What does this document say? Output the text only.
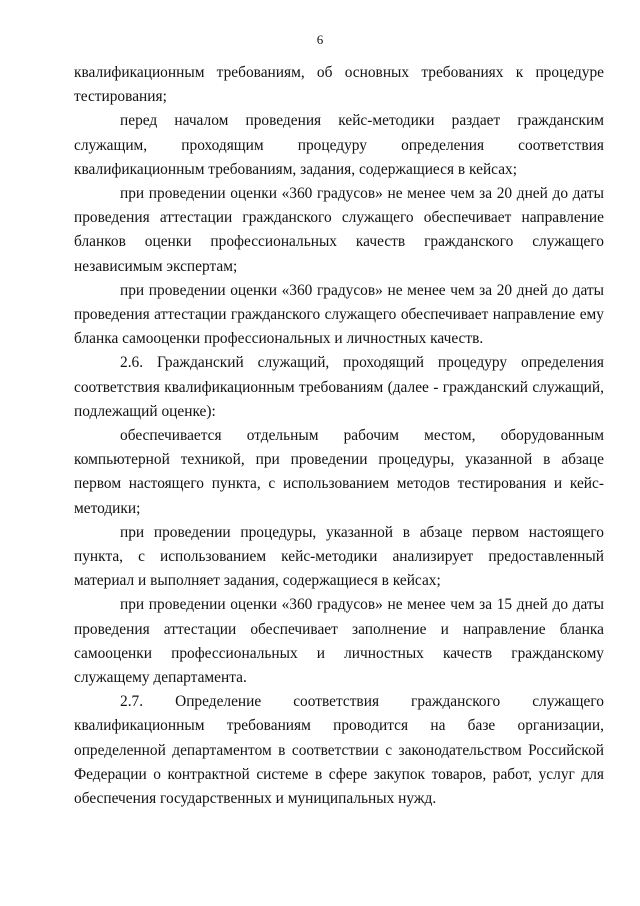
6

квалификационным требованиям, об основных требованиях к процедуре тестирования;

перед началом проведения кейс-методики раздает гражданским служащим, проходящим процедуру определения соответствия квалификационным требованиям, задания, содержащиеся в кейсах;

при проведении оценки «360 градусов» не менее чем за 20 дней до даты проведения аттестации гражданского служащего обеспечивает направление бланков оценки профессиональных качеств гражданского служащего независимым экспертам;

при проведении оценки «360 градусов» не менее чем за 20 дней до даты проведения аттестации гражданского служащего обеспечивает направление ему бланка самооценки профессиональных и личностных качеств.

2.6. Гражданский служащий, проходящий процедуру определения соответствия квалификационным требованиям (далее - гражданский служащий, подлежащий оценке):

обеспечивается отдельным рабочим местом, оборудованным компьютерной техникой, при проведении процедуры, указанной в абзаце первом настоящего пункта, с использованием методов тестирования и кейс-методики;

при проведении процедуры, указанной в абзаце первом настоящего пункта, с использованием кейс-методики анализирует предоставленный материал и выполняет задания, содержащиеся в кейсах;

при проведении оценки «360 градусов» не менее чем за 15 дней до даты проведения аттестации обеспечивает заполнение и направление бланка самооценки профессиональных и личностных качеств гражданскому служащему департамента.

2.7. Определение соответствия гражданского служащего квалификационным требованиям проводится на базе организации, определенной департаментом в соответствии с законодательством Российской Федерации о контрактной системе в сфере закупок товаров, работ, услуг для обеспечения государственных и муниципальных нужд.
